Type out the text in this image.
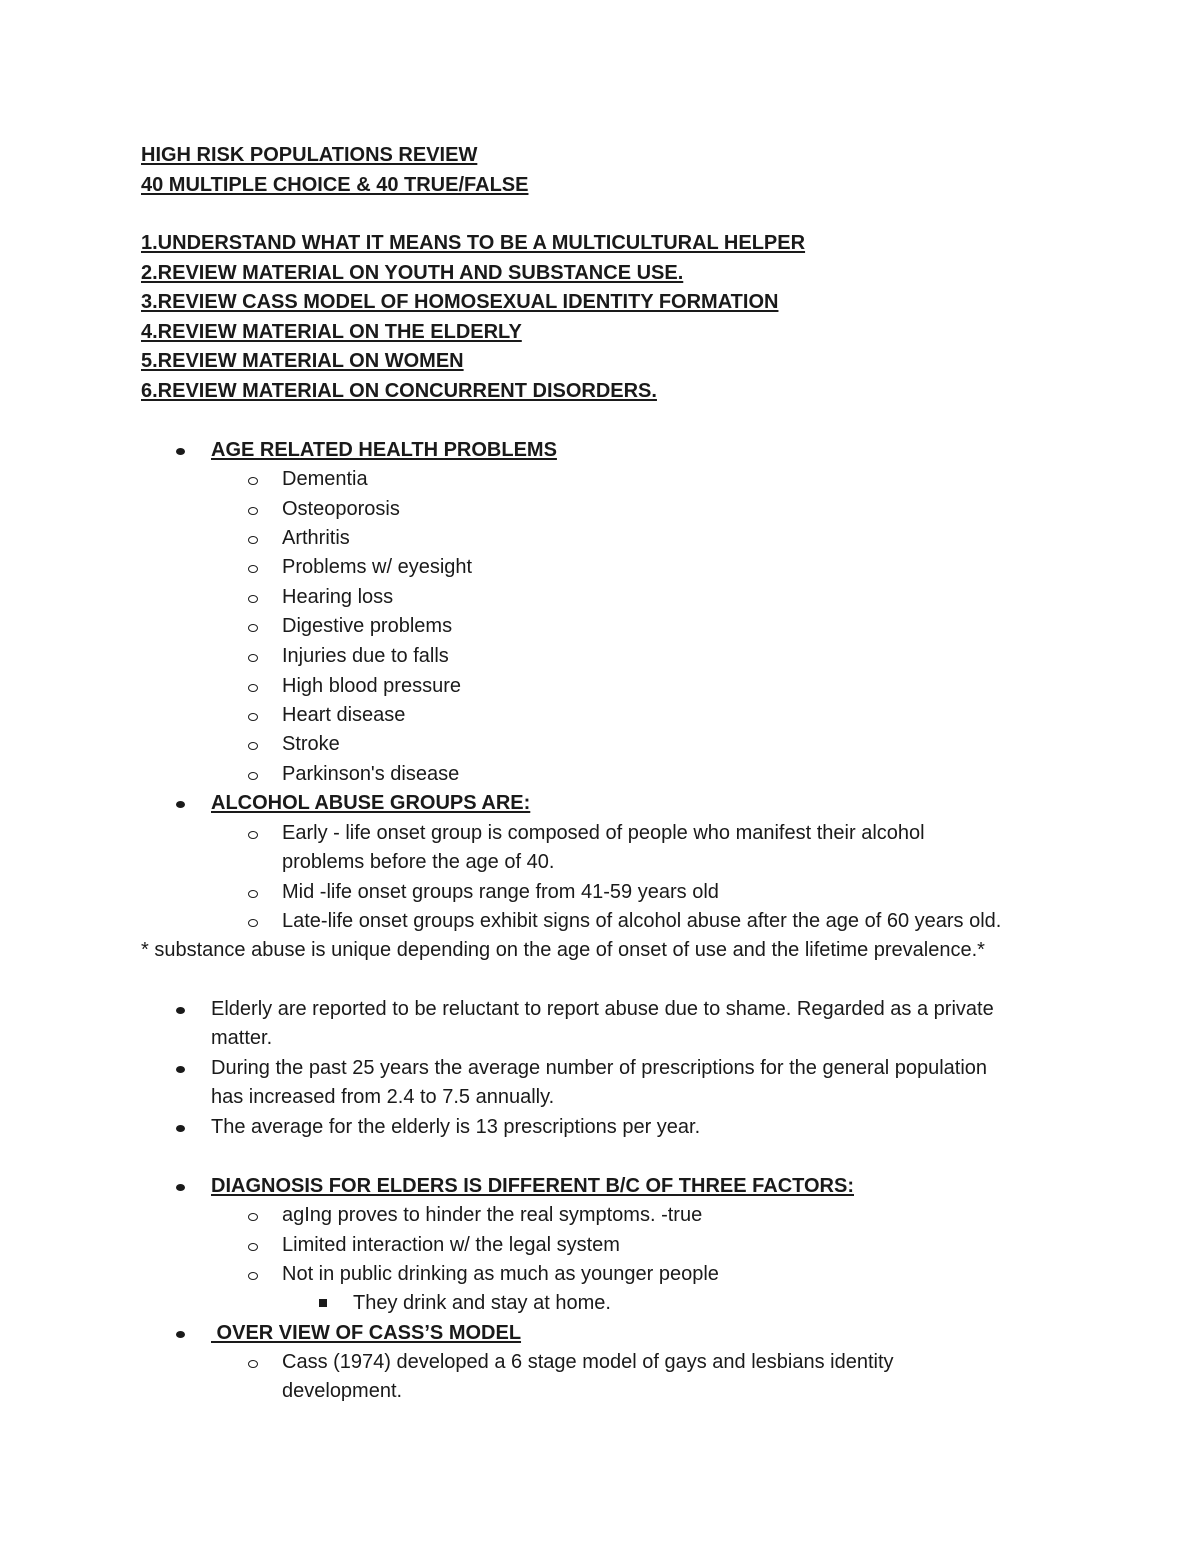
HIGH RISK POPULATIONS REVIEW

40 MULTIPLE CHOICE & 40 TRUE/FALSE

1.UNDERSTAND WHAT IT MEANS TO BE A MULTICULTURAL HELPER

2.REVIEW MATERIAL ON YOUTH AND SUBSTANCE USE.

3.REVIEW CASS MODEL OF HOMOSEXUAL IDENTITY FORMATION

4.REVIEW MATERIAL ON THE ELDERLY

5.REVIEW MATERIAL ON WOMEN

6.REVIEW MATERIAL ON CONCURRENT DISORDERS.

AGE RELATED HEALTH PROBLEMS

Dementia

Osteoporosis

Arthritis

Problems w/ eyesight

Hearing loss

Digestive problems

Injuries due to falls

High blood pressure

Heart disease

Stroke

Parkinson's disease

ALCOHOL ABUSE GROUPS ARE:

Early - life onset group is composed of people who manifest their alcohol

problems before the age of 40.

Mid -life onset groups range from 41-59 years old

Late-life onset groups exhibit signs of alcohol abuse after the age of 60 years old.

* substance abuse is unique depending on the age of onset of use and the lifetime prevalence.*

Elderly are reported to be reluctant to report abuse due to shame. Regarded as a private

matter.

During the past 25 years the average number of prescriptions for the general population

has increased from 2.4 to 7.5 annually.

The average for the elderly is 13 prescriptions per year.

DIAGNOSIS FOR ELDERS IS DIFFERENT B/C OF THREE FACTORS:

agIng proves to hinder the real symptoms. -true

Limited interaction w/ the legal system

Not in public drinking as much as younger people

They drink and stay at home.

OVER VIEW OF CASS’S MODEL

Cass (1974) developed a 6 stage model of gays and lesbians identity

development.
